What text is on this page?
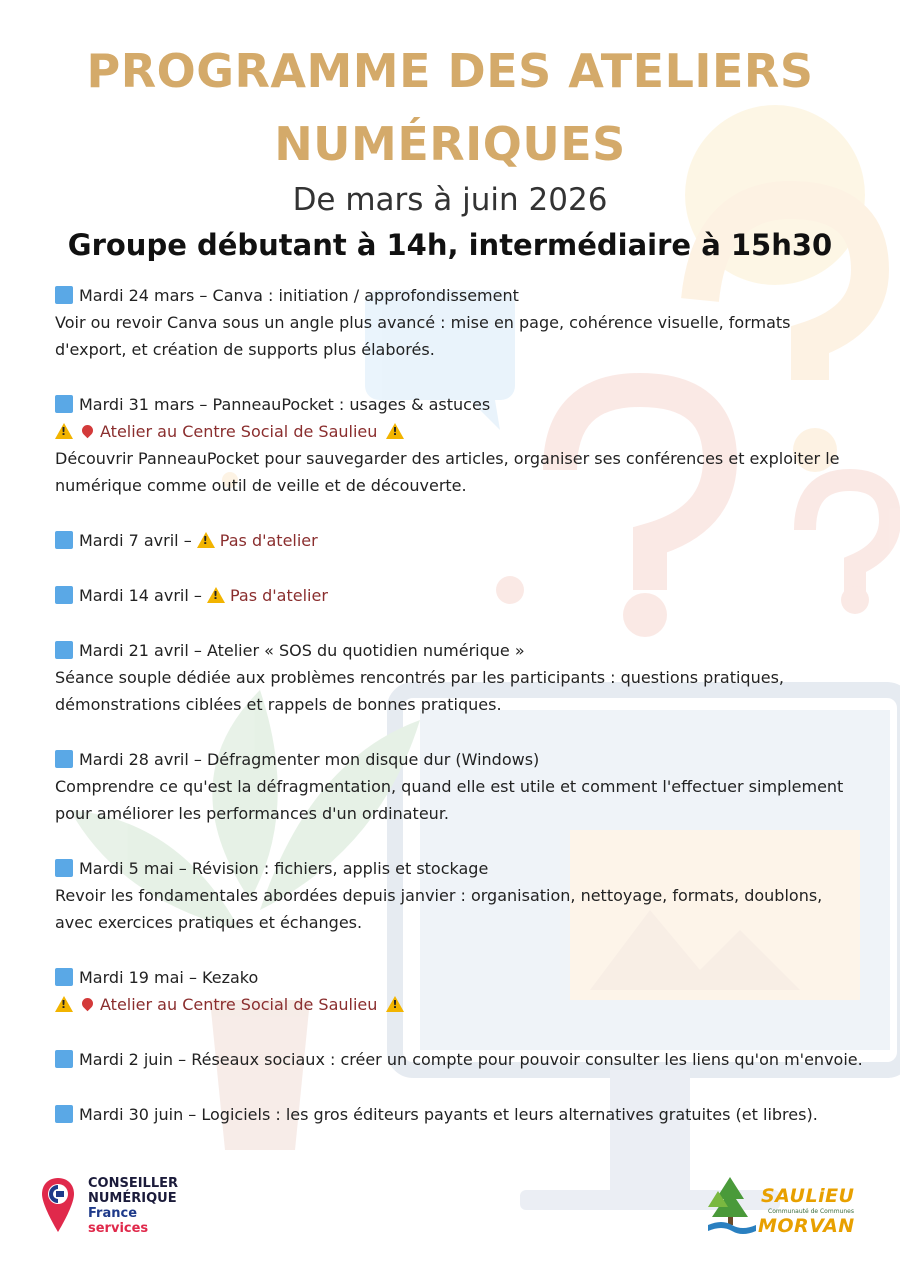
PROGRAMME DES ATELIERS
NUMÉRIQUES
De mars à juin 2026
Groupe débutant à 14h, intermédiaire à 15h30
Mardi 24 mars – Canva : initiation / approfondissement
Voir ou revoir Canva sous un angle plus avancé : mise en page, cohérence visuelle, formats d'export, et création de supports plus élaborés.
Mardi 31 mars – PanneauPocket : usages & astuces
!Atelier au Centre Social de Saulieu !
Découvrir PanneauPocket pour sauvegarder des articles, organiser ses conférences et exploiter le numérique comme outil de veille et de découverte.
Mardi 7 avril – ! Pas d'atelier
Mardi 14 avril – ! Pas d'atelier
Mardi 21 avril – Atelier « SOS du quotidien numérique »
Séance souple dédiée aux problèmes rencontrés par les participants : questions pratiques, démonstrations ciblées et rappels de bonnes pratiques.
Mardi 28 avril – Défragmenter mon disque dur (Windows)
Comprendre ce qu'est la défragmentation, quand elle est utile et comment l'effectuer simplement pour améliorer les performances d'un ordinateur.
Mardi 5 mai – Révision : fichiers, applis et stockage
Revoir les fondamentales abordées depuis janvier : organisation, nettoyage, formats, doublons, avec exercices pratiques et échanges.
Mardi 19 mai – Kezako
!Atelier au Centre Social de Saulieu !
Mardi 2 juin – Réseaux sociaux : créer un compte pour pouvoir consulter les liens qu'on m'envoie.
Mardi 30 juin – Logiciels : les gros éditeurs payants et leurs alternatives gratuites (et libres).
CONSEILLER
NUMÉRIQUE
France
services
SAULiEU
Communauté de Communes
MORVAN
